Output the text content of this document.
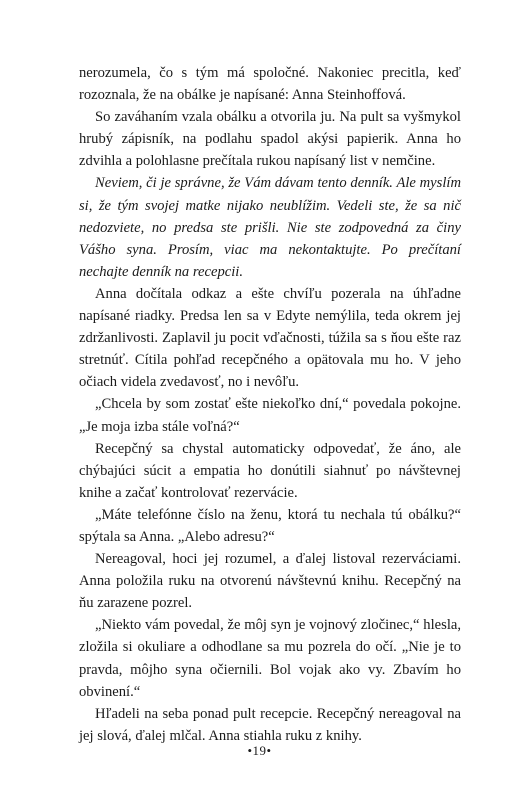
nerozumela, čo s tým má spoločné. Nakoniec precitla, keď rozoznala, že na obálke je napísané: Anna Steinhoffová.

So zaváhaním vzala obálku a otvorila ju. Na pult sa vyšmykol hrubý zápisník, na podlahu spadol akýsi papierik. Anna ho zdvihla a polohlasne prečítala rukou napísaný list v nemčine.

Neviem, či je správne, že Vám dávam tento denník. Ale myslím si, že tým svojej matke nijako neublížim. Vedeli ste, že sa nič nedozviete, no predsa ste prišli. Nie ste zodpovedná za činy Vášho syna. Prosím, viac ma nekontaktujte. Po prečítaní nechajte denník na recepcii.

Anna dočítala odkaz a ešte chvíľu pozerala na úhľadne napísané riadky. Predsa len sa v Edyte nemýlila, teda okrem jej zdržanlivosti. Zaplavil ju pocit vďačnosti, túžila sa s ňou ešte raz stretnúť. Cítila pohľad recepčného a opätovala mu ho. V jeho očiach videla zvedavosť, no i nevôľu.

„Chcela by som zostať ešte niekoľko dní,“ povedala pokojne. „Je moja izba stále voľná?“

Recepčný sa chystal automaticky odpovedať, že áno, ale chýbajúci súcit a empatia ho donútili siahnuť po návštevnej knihe a začať kontrolovať rezervácie.

„Máte telefónne číslo na ženu, ktorá tu nechala tú obálku?“ spýtala sa Anna. „Alebo adresu?“

Nereagoval, hoci jej rozumel, a ďalej listoval rezerváciami. Anna položila ruku na otvorenú návštevnú knihu. Recepčný na ňu zarazene pozrel.

„Niekto vám povedal, že môj syn je vojnový zločinec,“ hlesla, zložila si okuliare a odhodlane sa mu pozrela do očí. „Nie je to pravda, môjho syna očiernili. Bol vojak ako vy. Zbavím ho obvinení.“

Hľadeli na seba ponad pult recepcie. Recepčný nereagoval na jej slová, ďalej mlčal. Anna stiahla ruku z knihy.

•19•
